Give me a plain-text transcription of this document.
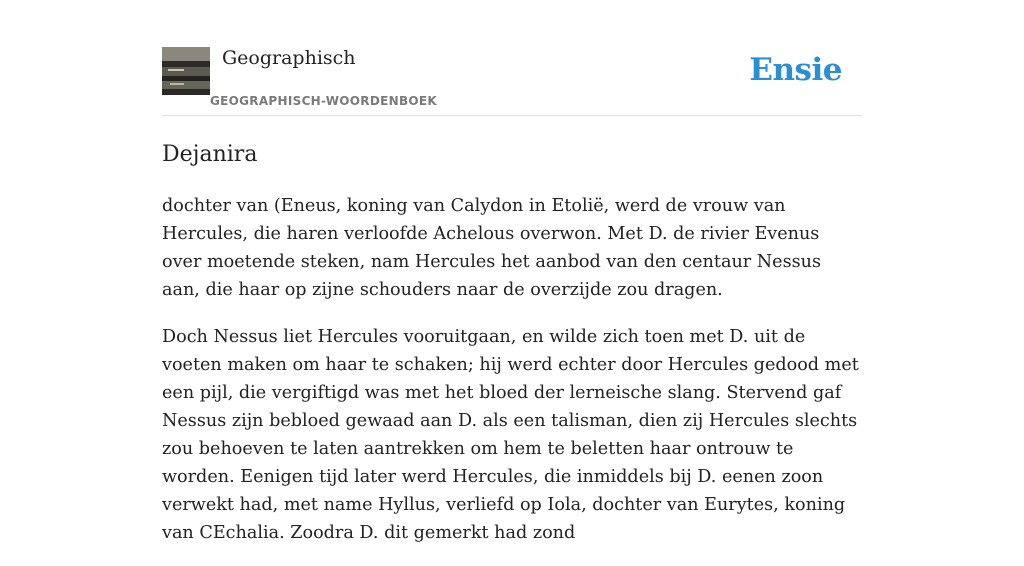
Geographisch
GEOGRAPHISCH-WOORDENBOEK
Ensie
Dejanira

dochter van (Eneus, koning van Calydon in Etolië, werd de vrouw van Hercules, die haren verloofde Achelous overwon. Met D. de rivier Evenus over moetende steken, nam Hercules het aanbod van den centaur Nessus aan, die haar op zijne schouders naar de overzijde zou dragen.

Doch Nessus liet Hercules vooruitgaan, en wilde zich toen met D. uit de voeten maken om haar te schaken; hij werd echter door Hercules gedood met een pijl, die vergiftigd was met het bloed der lerneische slang. Stervend gaf Nessus zijn bebloed gewaad aan D. als een talisman, dien zij Hercules slechts zou behoeven te laten aantrekken om hem te beletten haar ontrouw te worden. Eenigen tijd later werd Hercules, die inmiddels bij D. eenen zoon verwekt had, met name Hyllus, verliefd op Iola, dochter van Eurytes, koning van CEchalia. Zoodra D. dit gemerkt had zond
